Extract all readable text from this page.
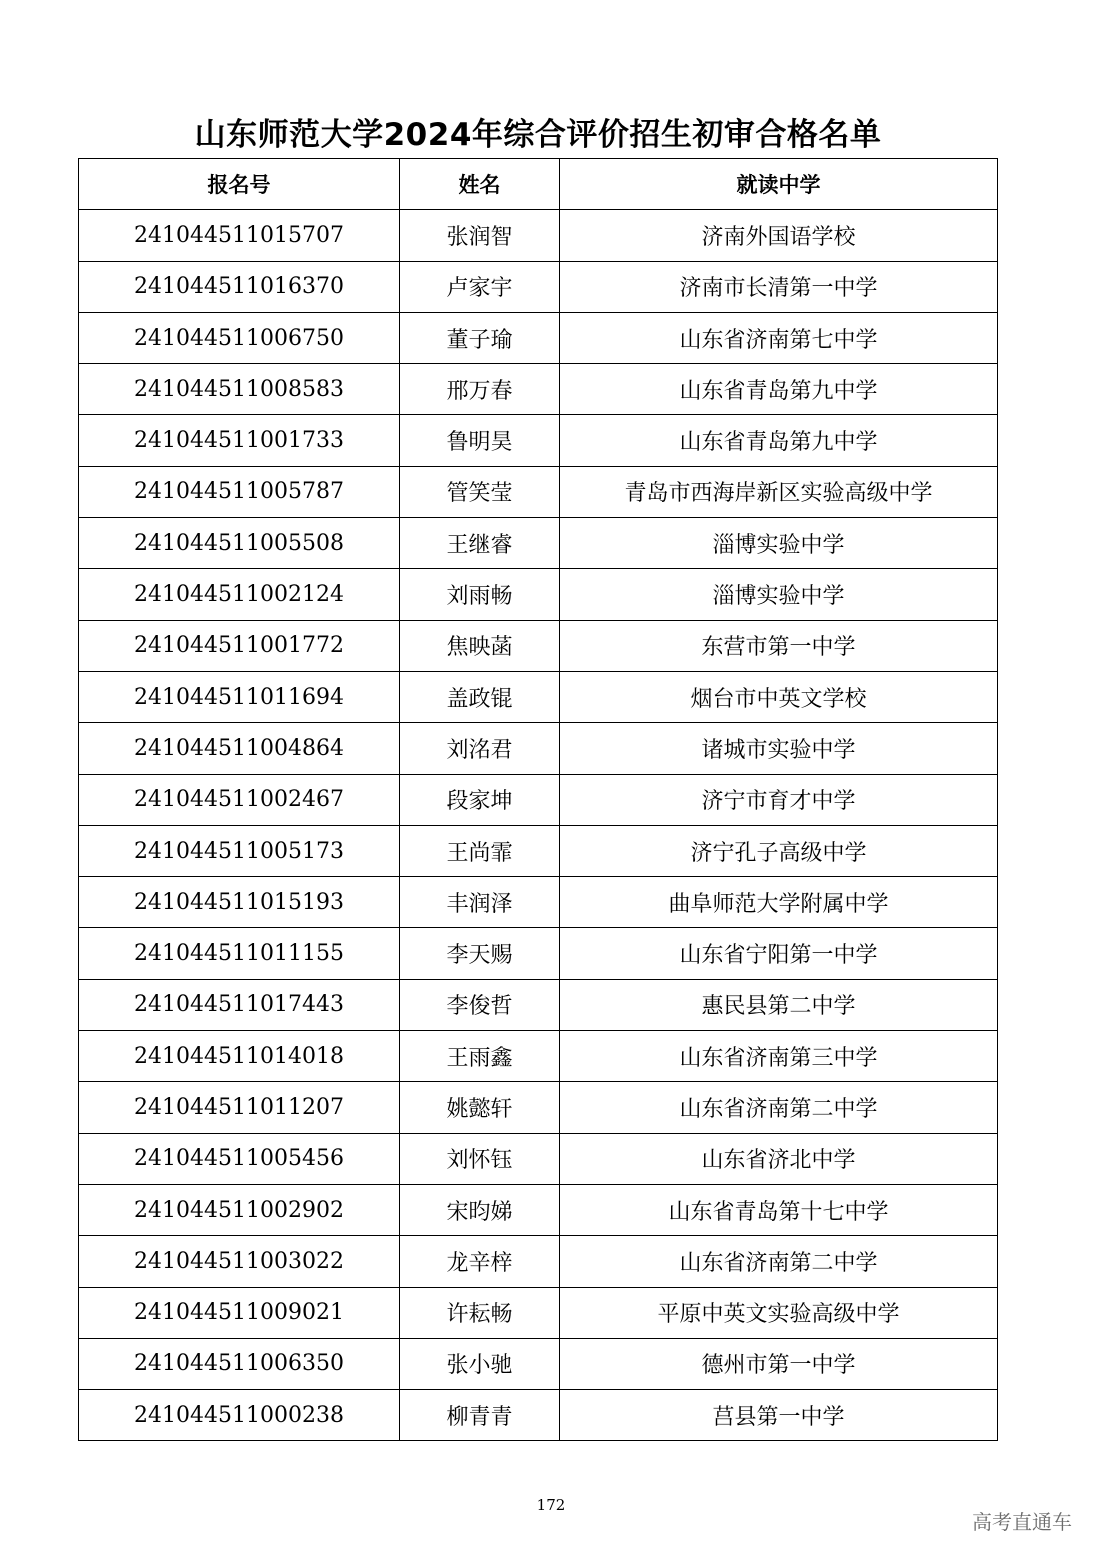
山东师范大学2024年综合评价招生初审合格名单
报名号	姓名	就读中学
241044511015707	张润智	济南外国语学校
241044511016370	卢家宇	济南市长清第一中学
241044511006750	董子瑜	山东省济南第七中学
241044511008583	邢万春	山东省青岛第九中学
241044511001733	鲁明昊	山东省青岛第九中学
241044511005787	管笑莹	青岛市西海岸新区实验高级中学
241044511005508	王继睿	淄博实验中学
241044511002124	刘雨畅	淄博实验中学
241044511001772	焦映菡	东营市第一中学
241044511011694	盖政锟	烟台市中英文学校
241044511004864	刘洺君	诸城市实验中学
241044511002467	段家坤	济宁市育才中学
241044511005173	王尚霏	济宁孔子高级中学
241044511015193	丰润泽	曲阜师范大学附属中学
241044511011155	李天赐	山东省宁阳第一中学
241044511017443	李俊哲	惠民县第二中学
241044511014018	王雨鑫	山东省济南第三中学
241044511011207	姚懿轩	山东省济南第二中学
241044511005456	刘怀钰	山东省济北中学
241044511002902	宋昀娣	山东省青岛第十七中学
241044511003022	龙辛梓	山东省济南第二中学
241044511009021	许耘畅	平原中英文实验高级中学
241044511006350	张小驰	德州市第一中学
241044511000238	柳青青	莒县第一中学
172
高考直通车
